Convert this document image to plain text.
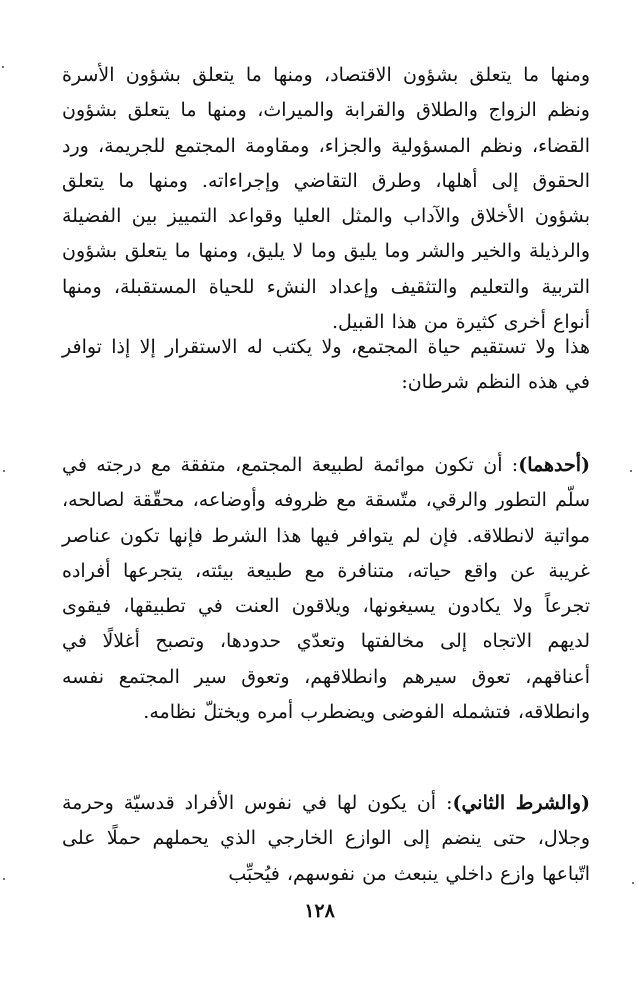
ومنها ما يتعلق بشؤون الاقتصاد، ومنها ما يتعلق بشؤون الأسرة ونظم الزواج والطلاق والقرابة والميراث، ومنها ما يتعلق بشؤون القضاء، ونظم المسؤولية والجزاء، ومقاومة المجتمع للجريمة، ورد الحقوق إلى أهلها، وطرق التقاضي وإجراءاته. ومنها ما يتعلق بشؤون الأخلاق والآداب والمثل العليا وقواعد التمييز بين الفضيلة والرذيلة والخير والشر وما يليق وما لا يليق، ومنها ما يتعلق بشؤون التربية والتعليم والتثقيف وإعداد النشء للحياة المستقبلة، ومنها أنواع أخرى كثيرة من هذا القبيل.

هذا ولا تستقيم حياة المجتمع، ولا يكتب له الاستقرار إلا إذا توافر في هذه النظم شرطان:

(أحدهما): أن تكون موائمة لطبيعة المجتمع، متفقة مع درجته في سلّم التطور والرقي، متّسقة مع ظروفه وأوضاعه، محقّقة لصالحه، مواتية لانطلاقه. فإن لم يتوافر فيها هذا الشرط فإنها تكون عناصر غريبة عن واقع حياته، متنافرة مع طبيعة بيئته، يتجرعها أفراده تجرعاً ولا يكادون يسيغونها، ويلاقون العنت في تطبيقها، فيقوى لديهم الاتجاه إلى مخالفتها وتعدّي حدودها، وتصبح أغلالًا في أعناقهم، تعوق سيرهم وانطلاقهم، وتعوق سير المجتمع نفسه وانطلاقه، فتشمله الفوضى ويضطرب أمره ويختلّ نظامه.

(والشرط الثاني): أن يكون لها في نفوس الأفراد قدسيّة وحرمة وجلال، حتى ينضم إلى الوازع الخارجي الذي يحملهم حملًا على اتّباعها وازع داخلي ينبعث من نفوسهم، فيُحبِّب

١٢٨
